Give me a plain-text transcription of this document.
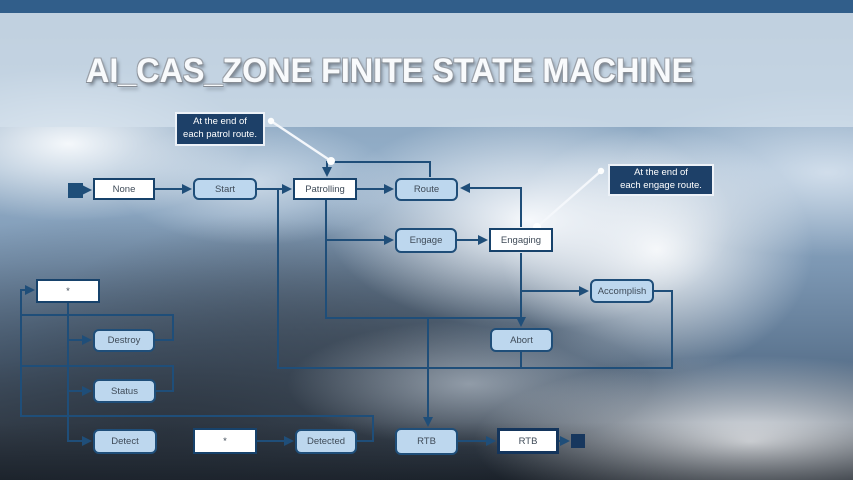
AI_CAS_ZONE FINITE STATE MACHINE
None	Start	Patrolling	Route
Engage	Engaging
Accomplish
Abort
*
Destroy
Status
Detect	*	Detected	RTB	RTB
At the end of
each patrol route.
At the end of
each engage route.
